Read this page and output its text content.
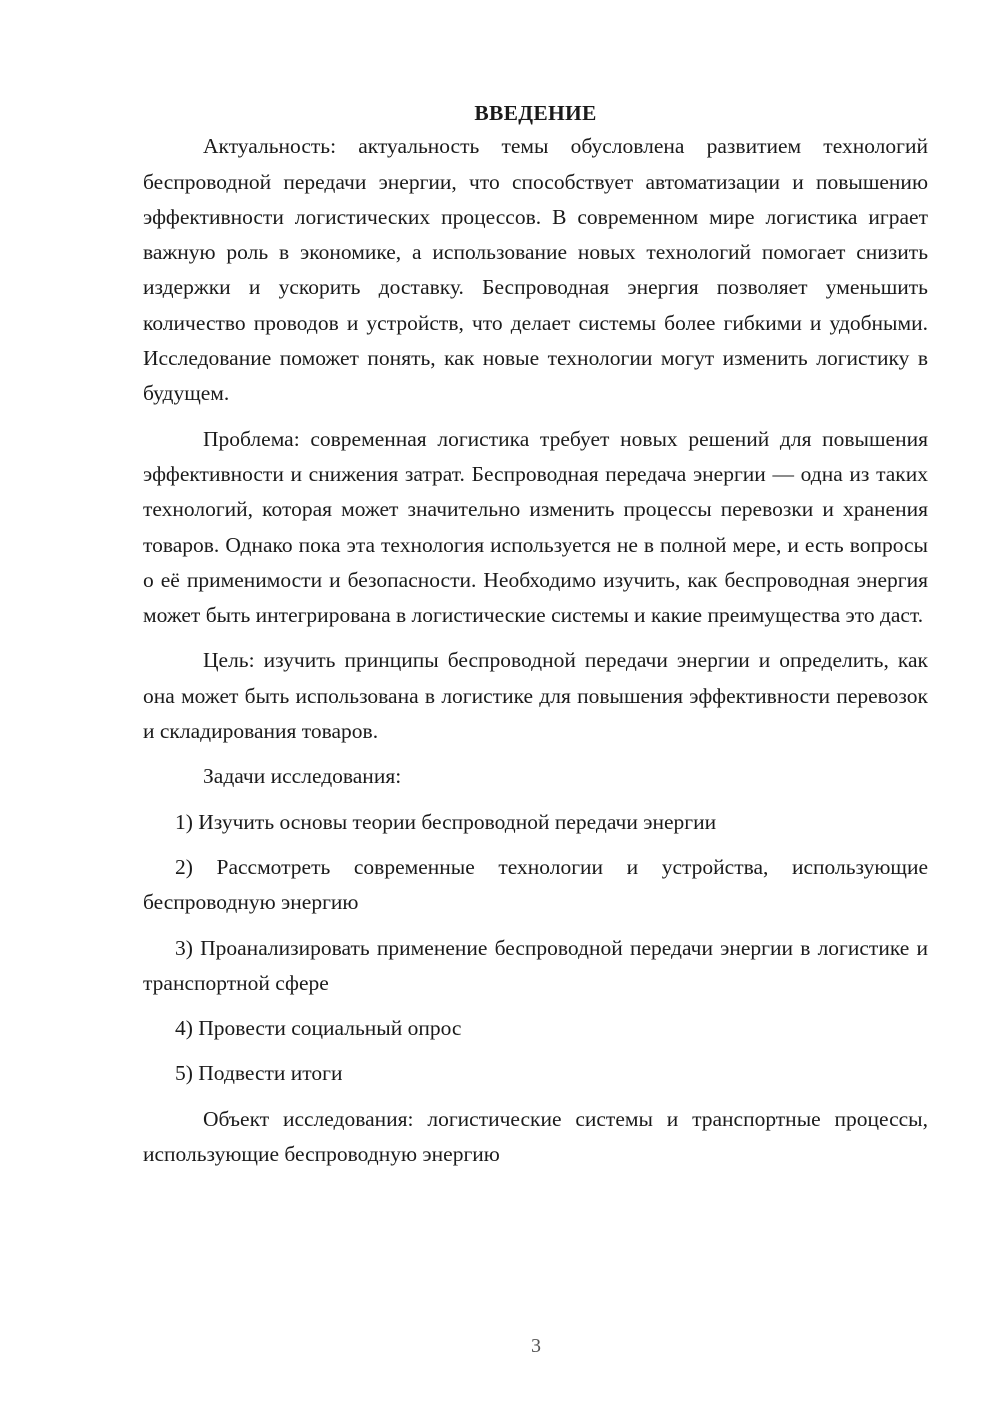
ВВЕДЕНИЕ

Актуальность: актуальность темы обусловлена развитием технологий беспроводной передачи энергии, что способствует автоматизации и повышению эффективности логистических процессов. В современном мире логистика играет важную роль в экономике, а использование новых технологий помогает снизить издержки и ускорить доставку. Беспроводная энергия позволяет уменьшить количество проводов и устройств, что делает системы более гибкими и удобными. Исследование поможет понять, как новые технологии могут изменить логистику в будущем.

Проблема: современная логистика требует новых решений для повышения эффективности и снижения затрат. Беспроводная передача энергии — одна из таких технологий, которая может значительно изменить процессы перевозки и хранения товаров. Однако пока эта технология используется не в полной мере, и есть вопросы о её применимости и безопасности. Необходимо изучить, как беспроводная энергия может быть интегрирована в логистические системы и какие преимущества это даст.

Цель: изучить принципы беспроводной передачи энергии и определить, как она может быть использована в логистике для повышения эффективности перевозок и складирования товаров.

Задачи исследования:

1) Изучить основы теории беспроводной передачи энергии

2) Рассмотреть современные технологии и устройства, использующие беспроводную энергию

3) Проанализировать применение беспроводной передачи энергии в логистике и транспортной сфере

4) Провести социальный опрос

5) Подвести итоги

Объект исследования: логистические системы и транспортные процессы, использующие беспроводную энергию

3
